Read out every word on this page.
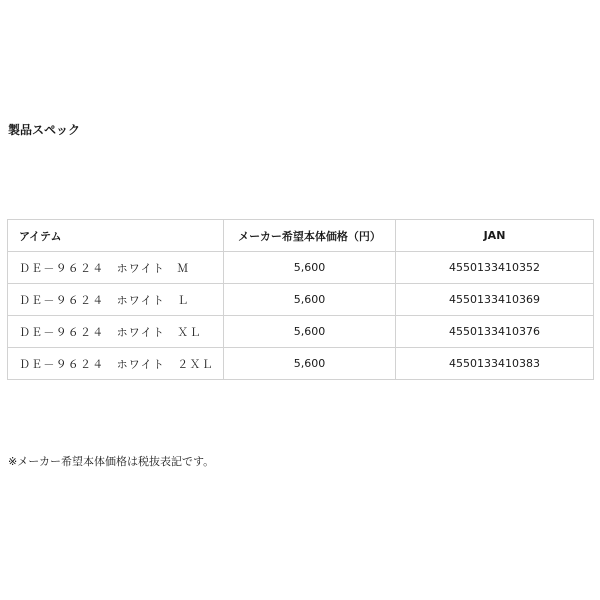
製品スペック
アイテム	メーカー希望本体価格（円）	JAN
ＤＥ－９６２４　ホワイト　Ｍ	5,600	4550133410352
ＤＥ－９６２４　ホワイト　Ｌ	5,600	4550133410369
ＤＥ－９６２４　ホワイト　ＸＬ	5,600	4550133410376
ＤＥ－９６２４　ホワイト　２ＸＬ	5,600	4550133410383
※メーカー希望本体価格は税抜表記です。
